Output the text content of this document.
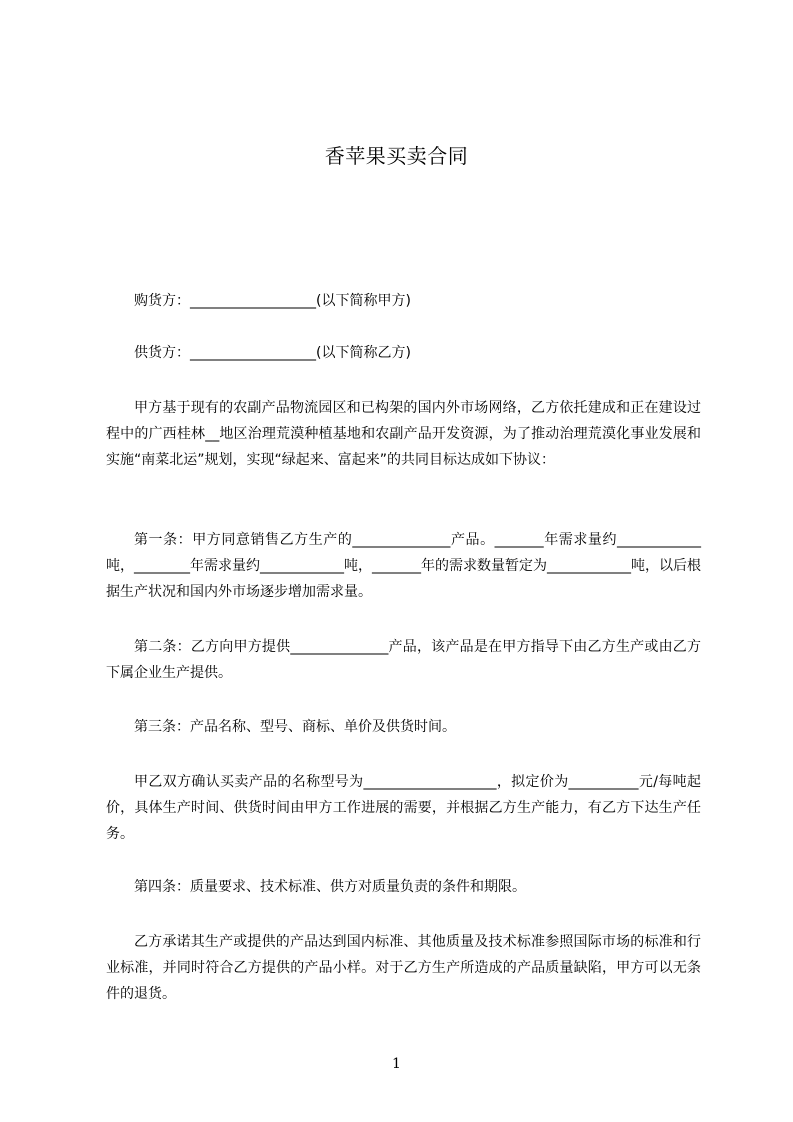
香苹果买卖合同
购货方：__________________(以下简称甲方)
供货方：__________________(以下简称乙方)
甲方基于现有的农副产品物流园区和已构架的国内外市场网络，乙方依托建成和正在建设过程中的广西桂林__地区治理荒漠种植基地和农副产品开发资源，为了推动治理荒漠化事业发展和实施“南菜北运”规划，实现“绿起来、富起来”的共同目标达成如下协议：
第一条：甲方同意销售乙方生产的______________产品。_______年需求量约____________吨，________年需求量约____________吨，_______年的需求数量暂定为____________吨，以后根据生产状况和国内外市场逐步增加需求量。
第二条：乙方向甲方提供______________产品，该产品是在甲方指导下由乙方生产或由乙方下属企业生产提供。
第三条：产品名称、型号、商标、单价及供货时间。
甲乙双方确认买卖产品的名称型号为___________________，拟定价为__________元/每吨起价，具体生产时间、供货时间由甲方工作进展的需要，并根据乙方生产能力，有乙方下达生产任务。
第四条：质量要求、技术标准、供方对质量负责的条件和期限。
乙方承诺其生产或提供的产品达到国内标准、其他质量及技术标准参照国际市场的标准和行业标准，并同时符合乙方提供的产品小样。对于乙方生产所造成的产品质量缺陷，甲方可以无条件的退货。
1
